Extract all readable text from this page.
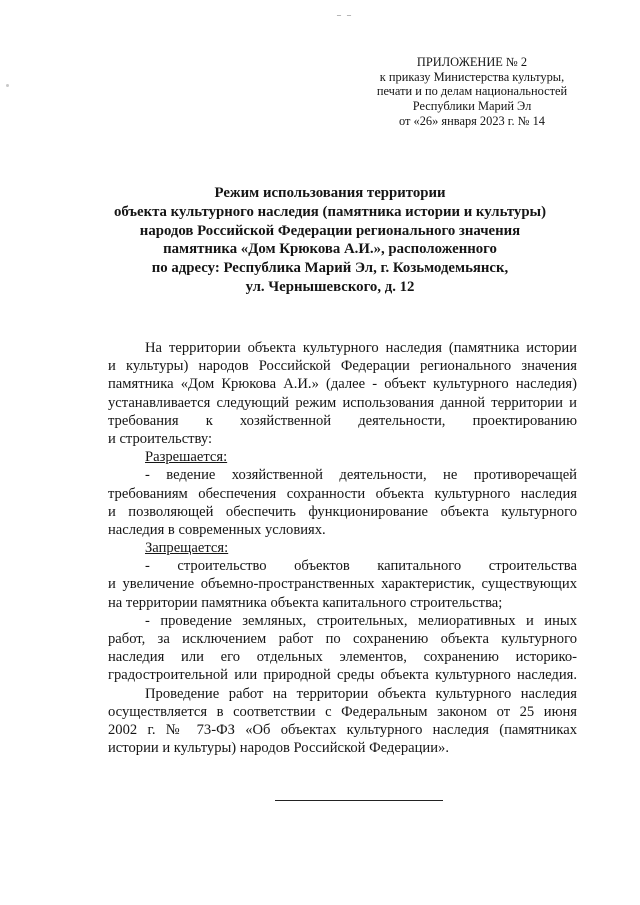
– –
ПРИЛОЖЕНИЕ № 2
к приказу Министерства культуры,
печати и по делам национальностей
Республики Марий Эл
от «26» января 2023 г. № 14
Режим использования территории
объекта культурного наследия (памятника истории и культуры)
народов Российской Федерации регионального значения
памятника «Дом Крюкова А.И.», расположенного
по адресу: Республика Марий Эл, г. Козьмодемьянск,
ул. Чернышевского, д. 12
На территории объекта культурного наследия (памятника истории
и культуры) народов Российской Федерации регионального значения
памятника «Дом Крюкова А.И.» (далее - объект культурного наследия)
устанавливается следующий режим использования данной территории и
требования к хозяйственной деятельности, проектированию
и строительству:
Разрешается:
- ведение хозяйственной деятельности, не противоречащей
требованиям обеспечения сохранности объекта культурного наследия
и позволяющей обеспечить функционирование объекта культурного
наследия в современных условиях.
Запрещается:
- строительство объектов капитального строительства
и увеличение объемно-пространственных характеристик, существующих
на территории памятника объекта капитального строительства;
- проведение земляных, строительных, мелиоративных и иных
работ, за исключением работ по сохранению объекта культурного
наследия или его отдельных элементов, сохранению историко-
градостроительной или природной среды объекта культурного наследия.
Проведение работ на территории объекта культурного наследия
осуществляется в соответствии с Федеральным законом от 25 июня
2002 г. № 73-ФЗ «Об объектах культурного наследия (памятниках
истории и культуры) народов Российской Федерации».
